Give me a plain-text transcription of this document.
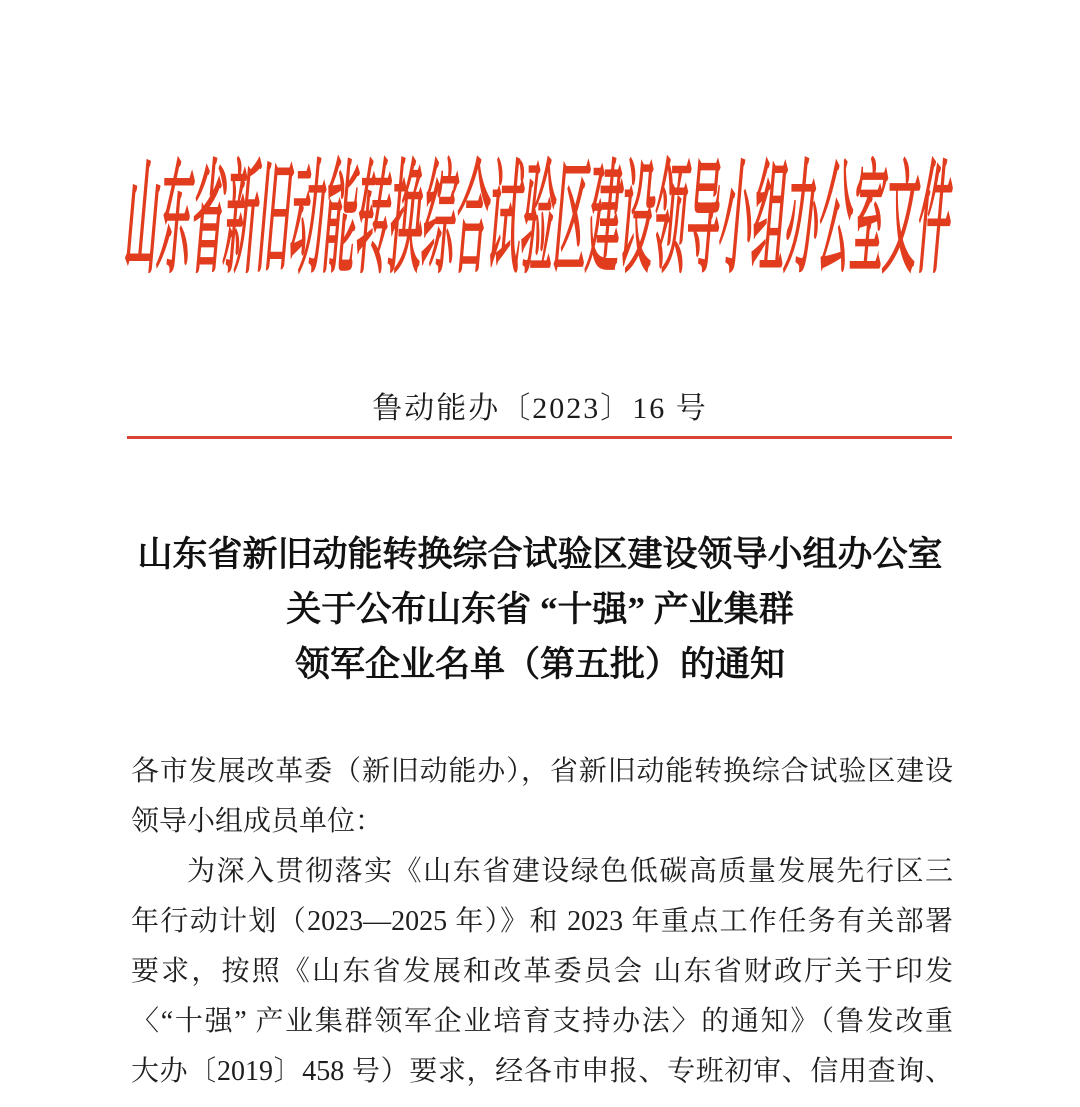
山东省新旧动能转换综合试验区建设领导小组办公室文件
鲁动能办〔2023〕16 号
山东省新旧动能转换综合试验区建设领导小组办公室
关于公布山东省 “十强” 产业集群
领军企业名单（第五批）的通知
各市发展改革委（新旧动能办），省新旧动能转换综合试验区建设
领导小组成员单位：
为深入贯彻落实《山东省建设绿色低碳高质量发展先行区三
年行动计划（2023—2025 年）》和 2023 年重点工作任务有关部署
要求，按照《山东省发展和改革委员会 山东省财政厅关于印发
〈“十强” 产业集群领军企业培育支持办法〉的通知》（鲁发改重
大办〔2019〕458 号）要求，经各市申报、专班初审、信用查询、
